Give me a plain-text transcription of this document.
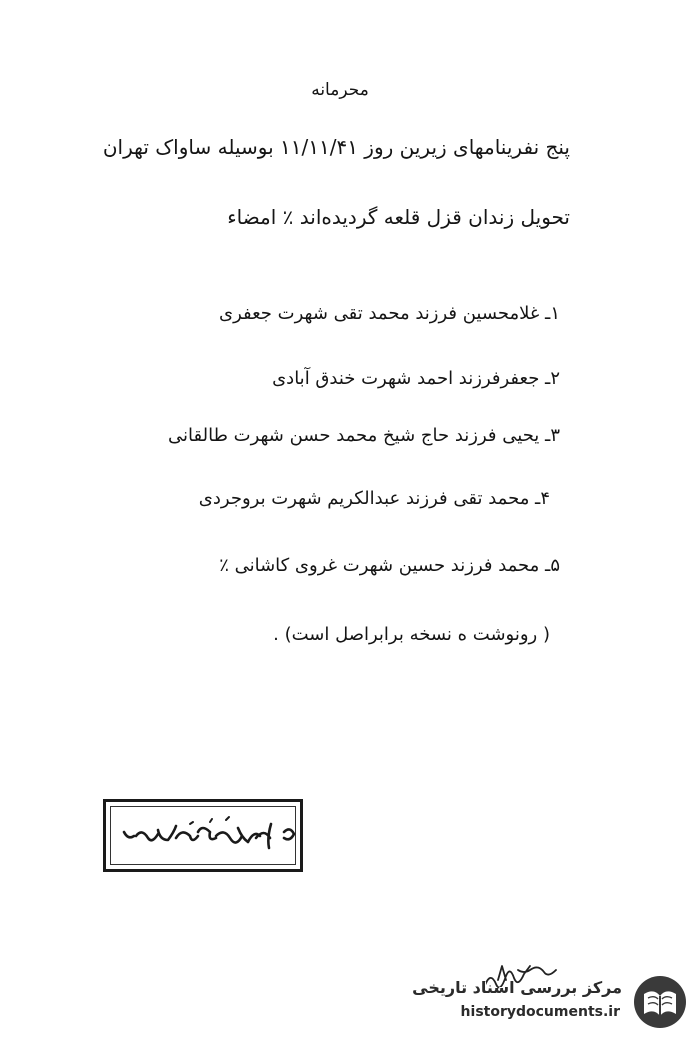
محرمانه
پنج نفرینامهای زیرین روز ۱۱/۱۱/۴۱ بوسیله ساواک تهران
تحویل زندان قزل قلعه گردیده‌اند ٪ امضاء
۱ـ غلامحسین فرزند محمد تقی شهرت جعفری
۲ـ جعفرفرزند احمد شهرت خندق آبادی
۳ـ یحیی فرزند حاج شیخ محمد حسن شهرت طالقانی
۴ـ محمد تقی فرزند عبدالکریم شهرت بروجردی
۵ـ محمد فرزند حسین شهرت غروی کاشانی ٪
( رونوشت ه نسخه برابراصل است) .
مرکز بررسی اسناد تاریخی
historydocuments.ir
